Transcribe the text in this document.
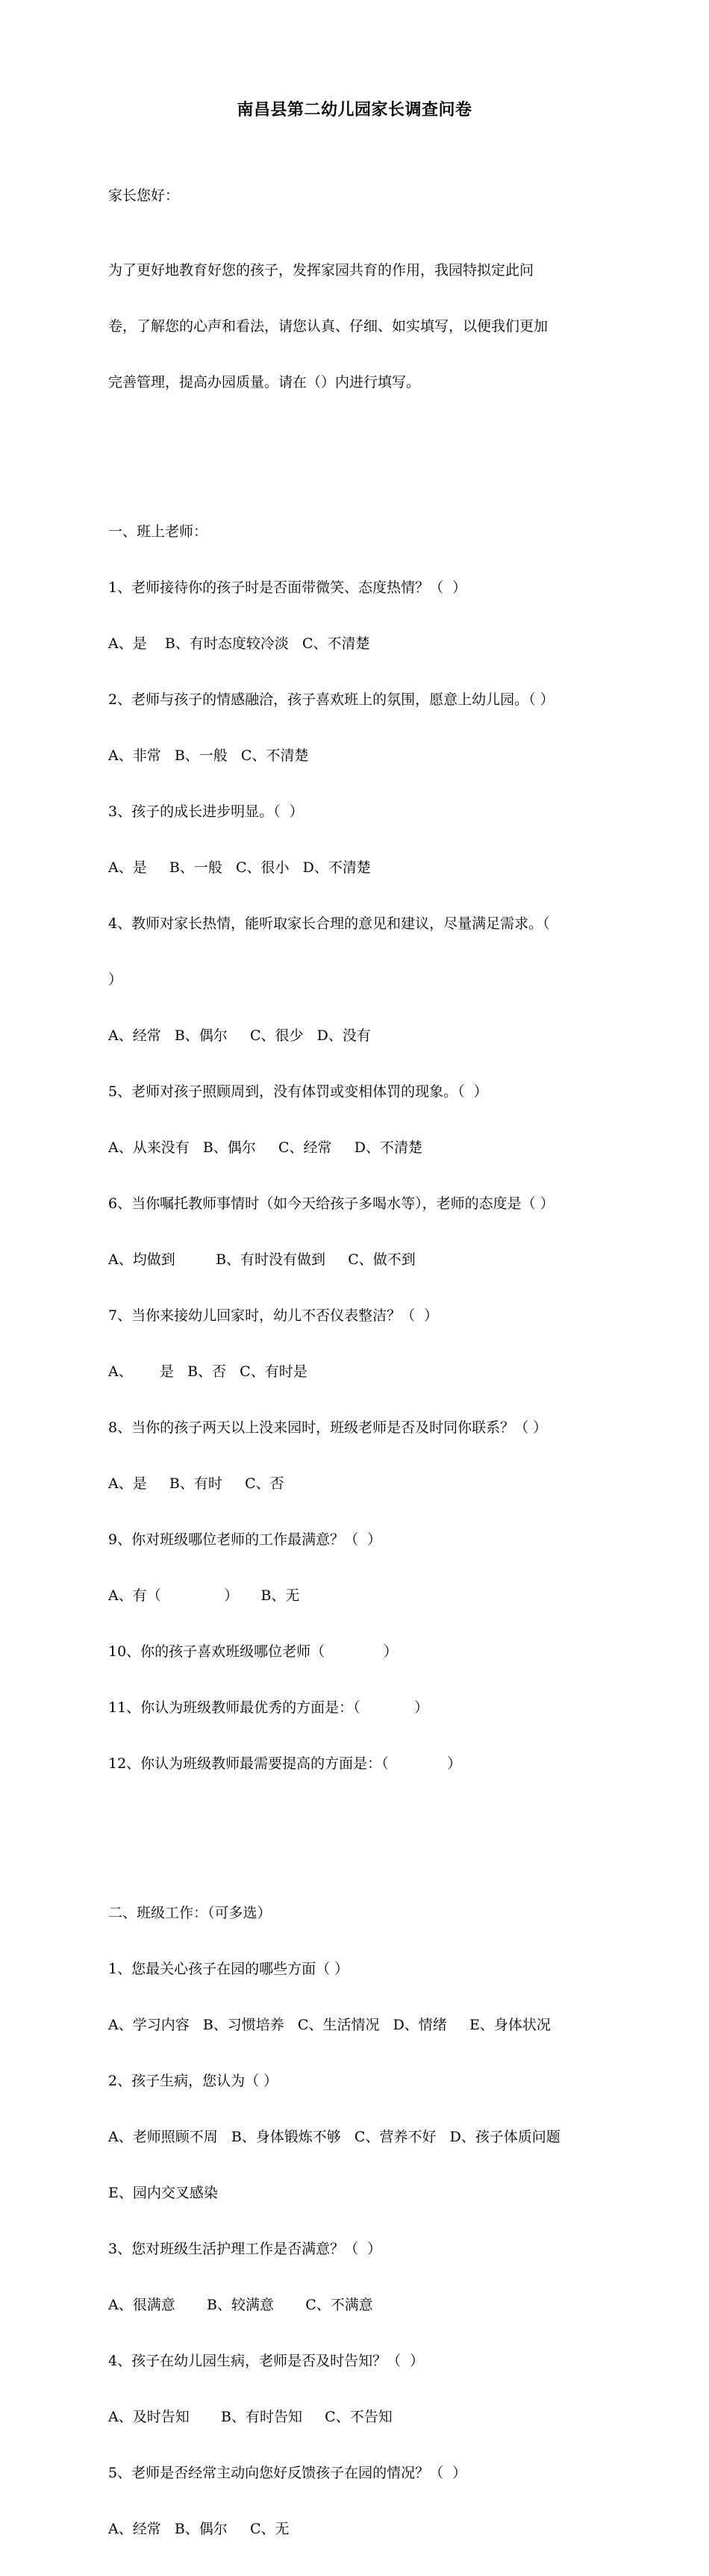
南昌县第二幼儿园家长调查问卷

家长您好：

为了更好地教育好您的孩子，发挥家园共育的作用，我园特拟定此问

卷，了解您的心声和看法，请您认真、仔细、如实填写，以便我们更加

完善管理，提高办园质量。请在（）内进行填写。

一、班上老师：

1、老师接待你的孩子时是否面带微笑、态度热情？（  ）

A、是    B、有时态度较冷淡   C、不清楚

2、老师与孩子的情感融洽，孩子喜欢班上的氛围，愿意上幼儿园。（ ）

A、非常   B、一般   C、不清楚

3、孩子的成长进步明显。（  ）

A、是     B、一般   C、很小   D、不清楚

4、教师对家长热情，能听取家长合理的意见和建议，尽量满足需求。（

）

A、经常   B、偶尔     C、很少   D、没有

5、老师对孩子照顾周到，没有体罚或变相体罚的现象。（  ）

A、从来没有   B、偶尔     C、经常     D、不清楚

6、当你嘱托教师事情时（如今天给孩子多喝水等），老师的态度是（ ）

A、均做到         B、有时没有做到     C、做不到

7、当你来接幼儿回家时，幼儿不否仪表整洁？（  ）

A、      是   B、否   C、有时是

8、当你的孩子两天以上没来园时，班级老师是否及时同你联系？（ ）

A、是     B、有时     C、否

9、你对班级哪位老师的工作最满意？（  ）

A、有（              ）     B、无

10、你的孩子喜欢班级哪位老师（             ）

11、你认为班级教师最优秀的方面是：（            ）

12、你认为班级教师最需要提高的方面是：（             ）

二、班级工作：（可多选）

1、您最关心孩子在园的哪些方面（ ）

A、学习内容   B、习惯培养   C、生活情况   D、情绪     E、身体状况

2、孩子生病，您认为（ ）

A、老师照顾不周   B、身体锻炼不够   C、营养不好   D、孩子体质问题

E、园内交叉感染

3、您对班级生活护理工作是否满意？（  ）

A、很满意       B、较满意       C、不满意

4、孩子在幼儿园生病，老师是否及时告知？（  ）

A、及时告知       B、有时告知     C、不告知

5、老师是否经常主动向您好反馈孩子在园的情况？（  ）

A、经常   B、偶尔     C、无
